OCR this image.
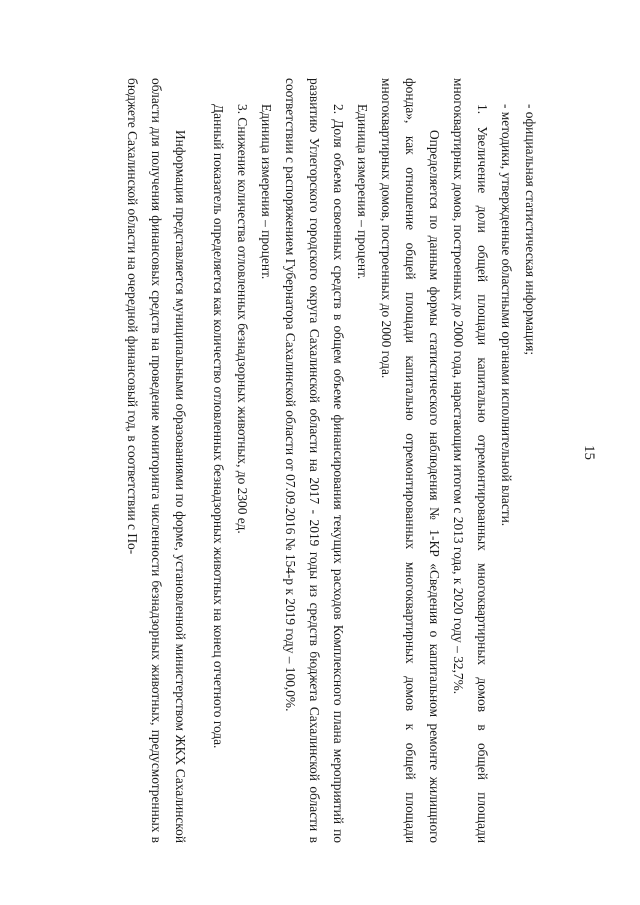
15

- официальная статистическая информация;

- методики, утвержденные областными органами исполнительной власти.

1. Увеличение доли общей площади капитально отремонтированных многоквартирных домов в общей площади многоквартирных домов, построенных до 2000 года, нарастающим итогом с 2013 года, к 2020 году – 32,7%.

Определяется по данным формы статистического наблюдения № 1-КР «Сведения о капитальном ремонте жилищного фонда», как отношение общей площади капитально отремонтированных многоквартирных домов к общей площади многоквартирных домов, построенных до 2000 года.

Единица измерения – процент.

2. Доля объема освоенных средств в общем объеме финансирования текущих расходов Комплексного плана мероприятий по развитию Углегорского городского округа Сахалинской области на 2017 - 2019 годы из средств бюджета Сахалинской области в соответствии с распоряжением Губернатора Сахалинской области от 07.09.2016 № 154-р к 2019 году – 100,0%.

Единица измерения – процент.

3. Снижение количества отловленных безнадзорных животных, до 2300 ед.

Данный показатель определяется как количество отловленных безнадзорных животных на конец отчетного года.

Информация представляется муниципальными образованиями по форме, установленной министерством ЖКХ Сахалинской области для получения финансовых средств на проведение мониторинга численности безнадзорных животных, предусмотренных в бюджете Сахалинской области на очередной финансовый год, в соответствии с По-
